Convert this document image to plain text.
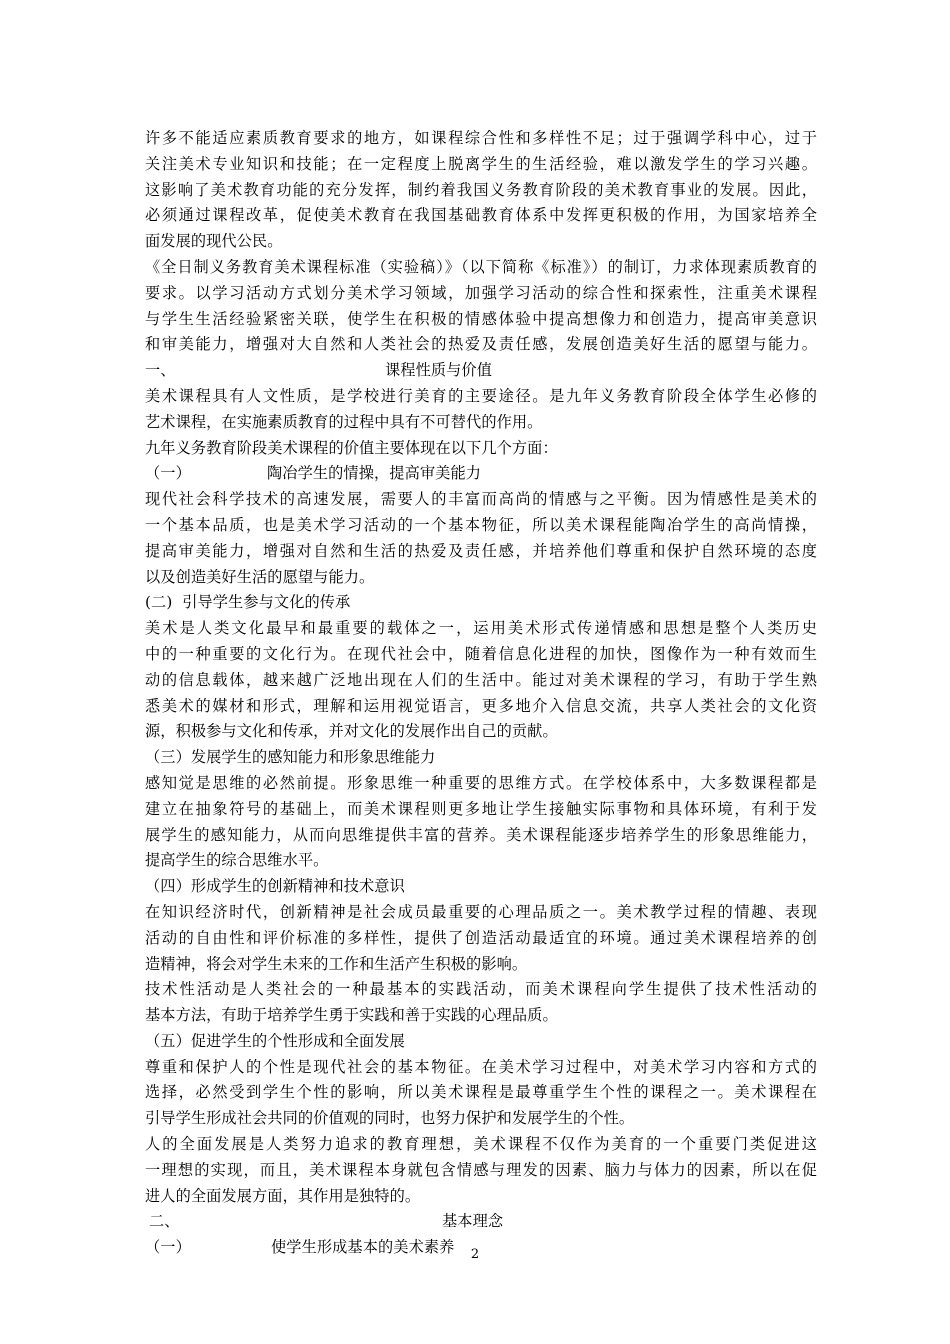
许多不能适应素质教育要求的地方，如课程综合性和多样性不足；过于强调学科中心，过于

关注美术专业知识和技能；在一定程度上脱离学生的生活经验，难以激发学生的学习兴趣。

这影响了美术教育功能的充分发挥，制约着我国义务教育阶段的美术教育事业的发展。因此，

必须通过课程改革，促使美术教育在我国基础教育体系中发挥更积极的作用，为国家培养全

面发展的现代公民。

《全日制义务教育美术课程标准（实验稿）》（以下简称《标准》）的制订，力求体现素质教育的

要求。以学习活动方式划分美术学习领域，加强学习活动的综合性和探索性，注重美术课程

与学生生活经验紧密关联，使学生在积极的情感体验中提高想像力和创造力，提高审美意识

和审美能力，增强对大自然和人类社会的热爱及责任感，发展创造美好生活的愿望与能力。

一、	课程性质与价值

美术课程具有人文性质，是学校进行美育的主要途径。是九年义务教育阶段全体学生必修的

艺术课程，在实施素质教育的过程中具有不可替代的作用。

九年义务教育阶段美术课程的价值主要体现在以下几个方面：

（一）	陶冶学生的情操，提高审美能力

现代社会科学技术的高速发展，需要人的丰富而高尚的情感与之平衡。因为情感性是美术的

一个基本品质，也是美术学习活动的一个基本物征，所以美术课程能陶冶学生的高尚情操，

提高审美能力，增强对自然和生活的热爱及责任感，并培养他们尊重和保护自然环境的态度

以及创造美好生活的愿望与能力。

(二)  引导学生参与文化的传承

美术是人类文化最早和最重要的载体之一，运用美术形式传递情感和思想是整个人类历史

中的一种重要的文化行为。在现代社会中，随着信息化进程的加快，图像作为一种有效而生

动的信息载体，越来越广泛地出现在人们的生活中。能过对美术课程的学习，有助于学生熟

悉美术的媒材和形式，理解和运用视觉语言，更多地介入信息交流，共享人类社会的文化资

源，积极参与文化和传承，并对文化的发展作出自己的贡献。

（三）发展学生的感知能力和形象思维能力

感知觉是思维的必然前提。形象思维一种重要的思维方式。在学校体系中，大多数课程都是

建立在抽象符号的基础上，而美术课程则更多地让学生接触实际事物和具体环境，有利于发

展学生的感知能力，从而向思维提供丰富的营养。美术课程能逐步培养学生的形象思维能力，

提高学生的综合思维水平。

（四）形成学生的创新精神和技术意识

在知识经济时代，创新精神是社会成员最重要的心理品质之一。美术教学过程的情趣、表现

活动的自由性和评价标准的多样性，提供了创造活动最适宜的环境。通过美术课程培养的创

造精神，将会对学生未来的工作和生活产生积极的影响。

技术性活动是人类社会的一种最基本的实践活动，而美术课程向学生提供了技术性活动的

基本方法，有助于培养学生勇于实践和善于实践的心理品质。

（五）促进学生的个性形成和全面发展

尊重和保护人的个性是现代社会的基本物征。在美术学习过程中，对美术学习内容和方式的

选择，必然受到学生个性的影响，所以美术课程是最尊重学生个性的课程之一。美术课程在

引导学生形成社会共同的价值观的同时，也努力保护和发展学生的个性。

人的全面发展是人类努力追求的教育理想，美术课程不仅作为美育的一个重要门类促进这

一理想的实现，而且，美术课程本身就包含情感与理发的因素、脑力与体力的因素，所以在促

进人的全面发展方面，其作用是独特的。

二、	基本理念
（一）	使学生形成基本的美术素养	2
